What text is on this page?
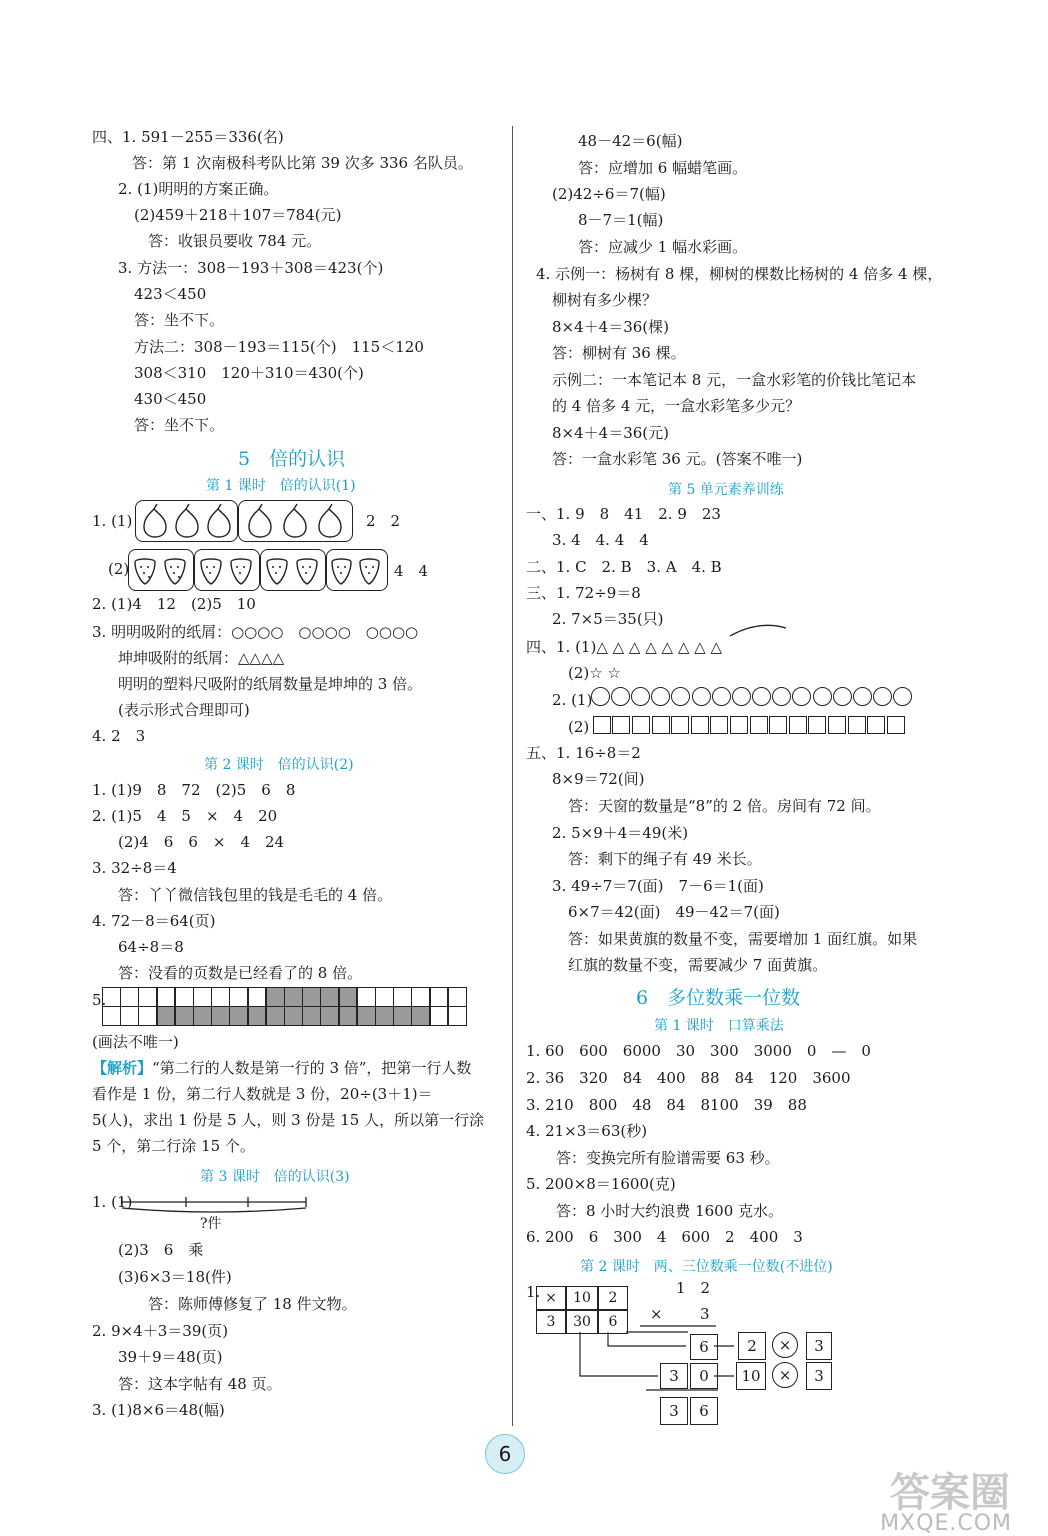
四、1. 591－255＝336(名)
答：第 1 次南极科考队比第 39 次多 336 名队员。
2. (1)明明的方案正确。
(2)459＋218＋107＝784(元)
答：收银员要收 784 元。
3. 方法一：308－193＋308＝423(个)
423＜450
答：坐不下。
方法二：308－193＝115(个)　115＜120
308＜310　120＋310＝430(个)
430＜450
答：坐不下。
5　倍的认识
第 1 课时　倍的认识(1)
1. (1)	2　2
(2)	4　4
2. (1)4　12　(2)5　10
3. 明明吸附的纸屑：○○○○　○○○○　○○○○
坤坤吸附的纸屑：△△△△
明明的塑料尺吸附的纸屑数量是坤坤的 3 倍。
(表示形式合理即可)
4. 2　3
第 2 课时　倍的认识(2)
1. (1)9　8　72　(2)5　6　8
2. (1)5　4　5　×　4　20
(2)4　6　6　×　4　24
3. 32÷8＝4
答：丫丫微信钱包里的钱是毛毛的 4 倍。
4. 72－8＝64(页)
64÷8＝8
答：没看的页数是已经看了的 8 倍。
5.
(画法不唯一)
【解析】“第二行的人数是第一行的 3 倍”，把第一行人数
看作是 1 份，第二行人数就是 3 份，20÷(3＋1)＝
5(人)，求出 1 份是 5 人，则 3 份是 15 人，所以第一行涂
5 个，第二行涂 15 个。
第 3 课时　倍的认识(3)
1. (1)
?件
(2)3　6　乘
(3)6×3＝18(件)
答：陈师傅修复了 18 件文物。
2. 9×4＋3＝39(页)
39＋9＝48(页)
答：这本字帖有 48 页。
3. (1)8×6＝48(幅)
48－42＝6(幅)
答：应增加 6 幅蜡笔画。
(2)42÷6＝7(幅)
8－7＝1(幅)
答：应减少 1 幅水彩画。
4. 示例一：杨树有 8 棵，柳树的棵数比杨树的 4 倍多 4 棵，
柳树有多少棵？
8×4＋4＝36(棵)
答：柳树有 36 棵。
示例二：一本笔记本 8 元，一盒水彩笔的价钱比笔记本
的 4 倍多 4 元，一盒水彩笔多少元？
8×4＋4＝36(元)
答：一盒水彩笔 36 元。(答案不唯一)
第 5 单元素养训练
一、1. 9　8　41　2. 9　23
3. 4　4. 4　4
二、1. C　2. B　3. A　4. B
三、1. 72÷9＝8
2. 7×5＝35(只)
四、1. (1)△ △ △ △ △ △ △ △
(2)☆ ☆
2. (1)
(2)
五、1. 16÷8＝2
8×9＝72(间)
答：天窗的数量是“8”的 2 倍。房间有 72 间。
2. 5×9＋4＝49(米)
答：剩下的绳子有 49 米长。
3. 49÷7＝7(面)　7－6＝1(面)
6×7＝42(面)　49－42＝7(面)
答：如果黄旗的数量不变，需要增加 1 面红旗。如果
红旗的数量不变，需要减少 7 面黄旗。
6　多位数乘一位数
第 1 课时　口算乘法
1. 60　600　6000　30　300　3000　0　—　0
2. 36　320　84　400　88　84　120　3600
3. 210　800　48　84　8100　39　88
4. 21×3＝63(秒)
答：变换完所有脸谱需要 63 秒。
5. 200×8＝1600(克)
答：8 小时大约浪费 1600 克水。
6. 200　6　300　4　600　2　400　3
第 2 课时　两、三位数乘一位数(不进位)
1. ×	10	2
3	30	6
1　2
× 3
6	2	×	3
3	0	10	×	3
3	6
6
答案圈
MXQE.COM
